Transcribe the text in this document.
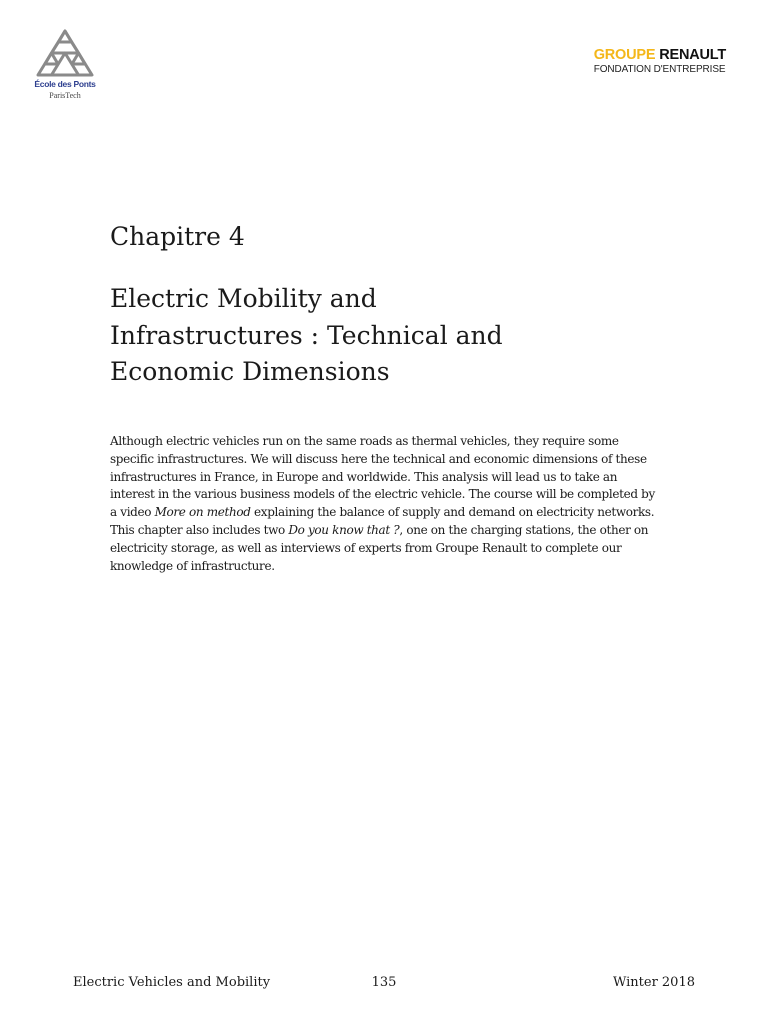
École des Ponts
ParisTech
GROUPE RENAULT
FONDATION D'ENTREPRISE
Chapitre 4
Electric Mobility and
Infrastructures : Technical and
Economic Dimensions

Although electric vehicles run on the same roads as thermal vehicles, they require some specific infrastructures. We will discuss here the technical and economic dimensions of these infrastructures in France, in Europe and worldwide. This analysis will lead us to take an interest in the various business models of the electric vehicle. The course will be completed by a video More on method explaining the balance of supply and demand on electricity networks.

This chapter also includes two Do you know that ?, one on the charging stations, the other on electricity storage, as well as interviews of experts from Groupe Renault to complete our knowledge of infrastructure.

Electric Vehicles and Mobility	135	Winter 2018
